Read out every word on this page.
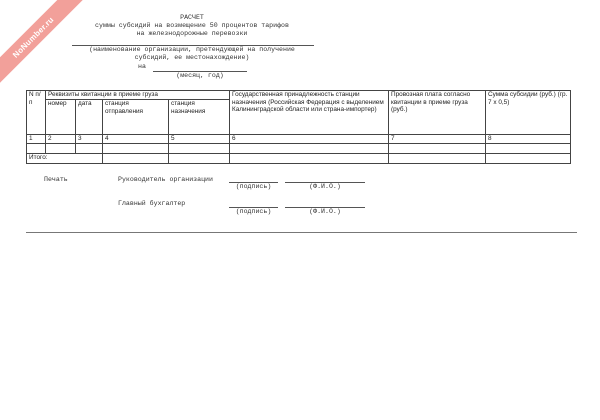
NoNumber.ru	РАСЧЕТ
суммы субсидий на возмещение 50 процентов тарифов
на железнодорожные перевозки
(наименование организации, претендующей на получение
субсидий, ее местонахождение)
на
(месяц, год)
N п/п	Реквизиты квитанции в приеме груза				Государственная принадлежность станции назначения (Российская Федерация с выделением Калининградской области или страна-импортер)	Провозная плата согласно квитанции в приеме груза (руб.)	Сумма субсидии (руб.) (гр. 7 x 0,5)
	номер	дата	станция отправления	станция назначения			
1	2	3	4	5	6	7	8

Итого:							
Печать	Руководитель организации
(подпись)	(Ф.И.О.)
Главный бухгалтер
(подпись)	(Ф.И.О.)
